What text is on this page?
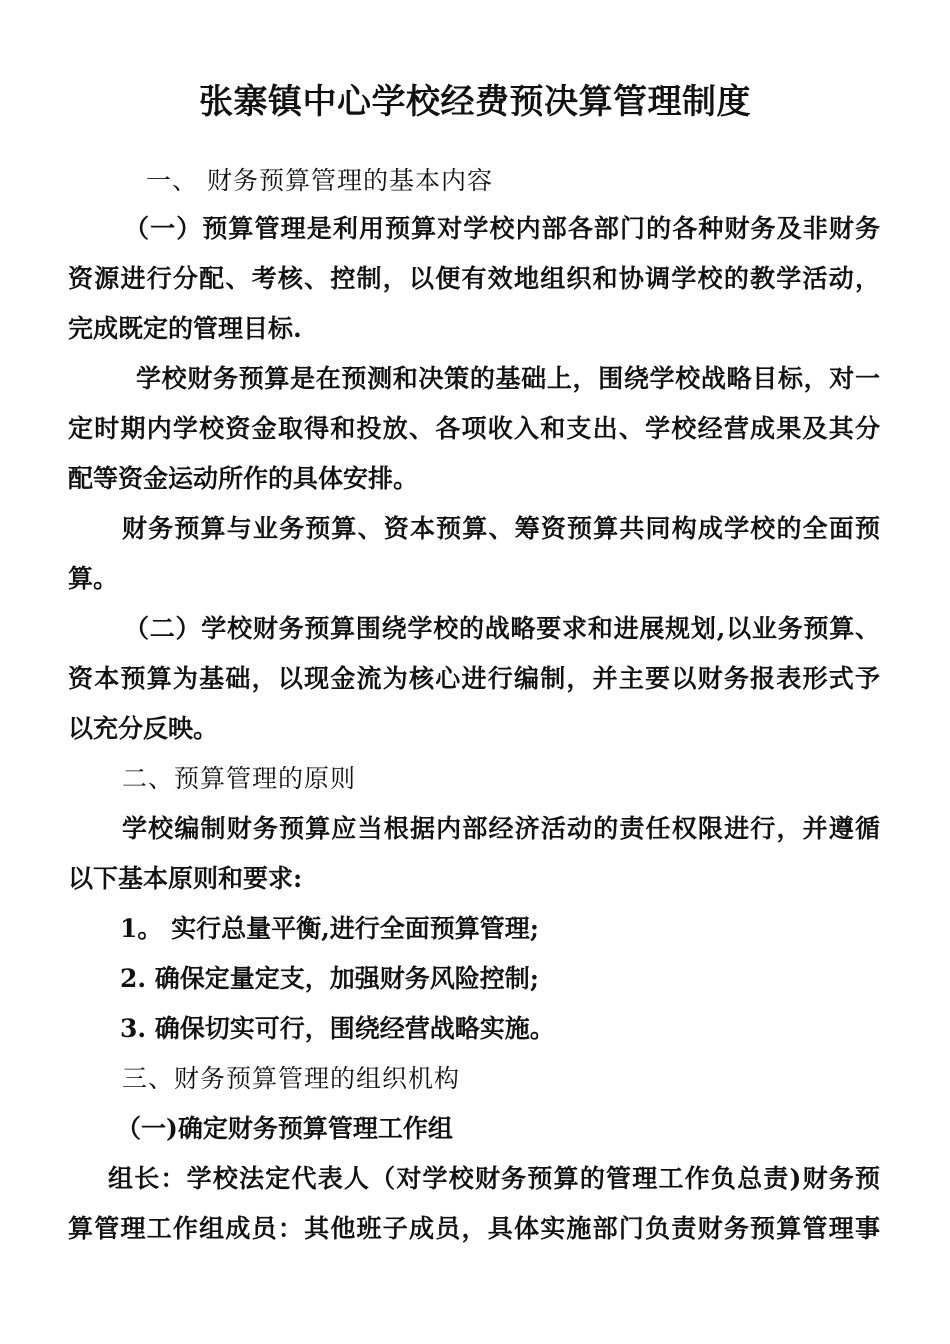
张寨镇中心学校经费预决算管理制度
一、 财务预算管理的基本内容
（一）预算管理是利用预算对学校内部各部门的各种财务及非财务
资源进行分配、考核、控制，以便有效地组织和协调学校的教学活动，
完成既定的管理目标.
学校财务预算是在预测和决策的基础上，围绕学校战略目标，对一
定时期内学校资金取得和投放、各项收入和支出、学校经营成果及其分
配等资金运动所作的具体安排。
财务预算与业务预算、资本预算、筹资预算共同构成学校的全面预
算。
（二）学校财务预算围绕学校的战略要求和进展规划,以业务预算、
资本预算为基础，以现金流为核心进行编制，并主要以财务报表形式予
以充分反映。
二、预算管理的原则
学校编制财务预算应当根据内部经济活动的责任权限进行，并遵循
以下基本原则和要求:
1。 实行总量平衡,进行全面预算管理;
2. 确保定量定支，加强财务风险控制;
3. 确保切实可行，围绕经营战略实施。
三、财务预算管理的组织机构
（一)确定财务预算管理工作组
组长：学校法定代表人（对学校财务预算的管理工作负总责)财务预
算管理工作组成员：其他班子成员，具体实施部门负责财务预算管理事
